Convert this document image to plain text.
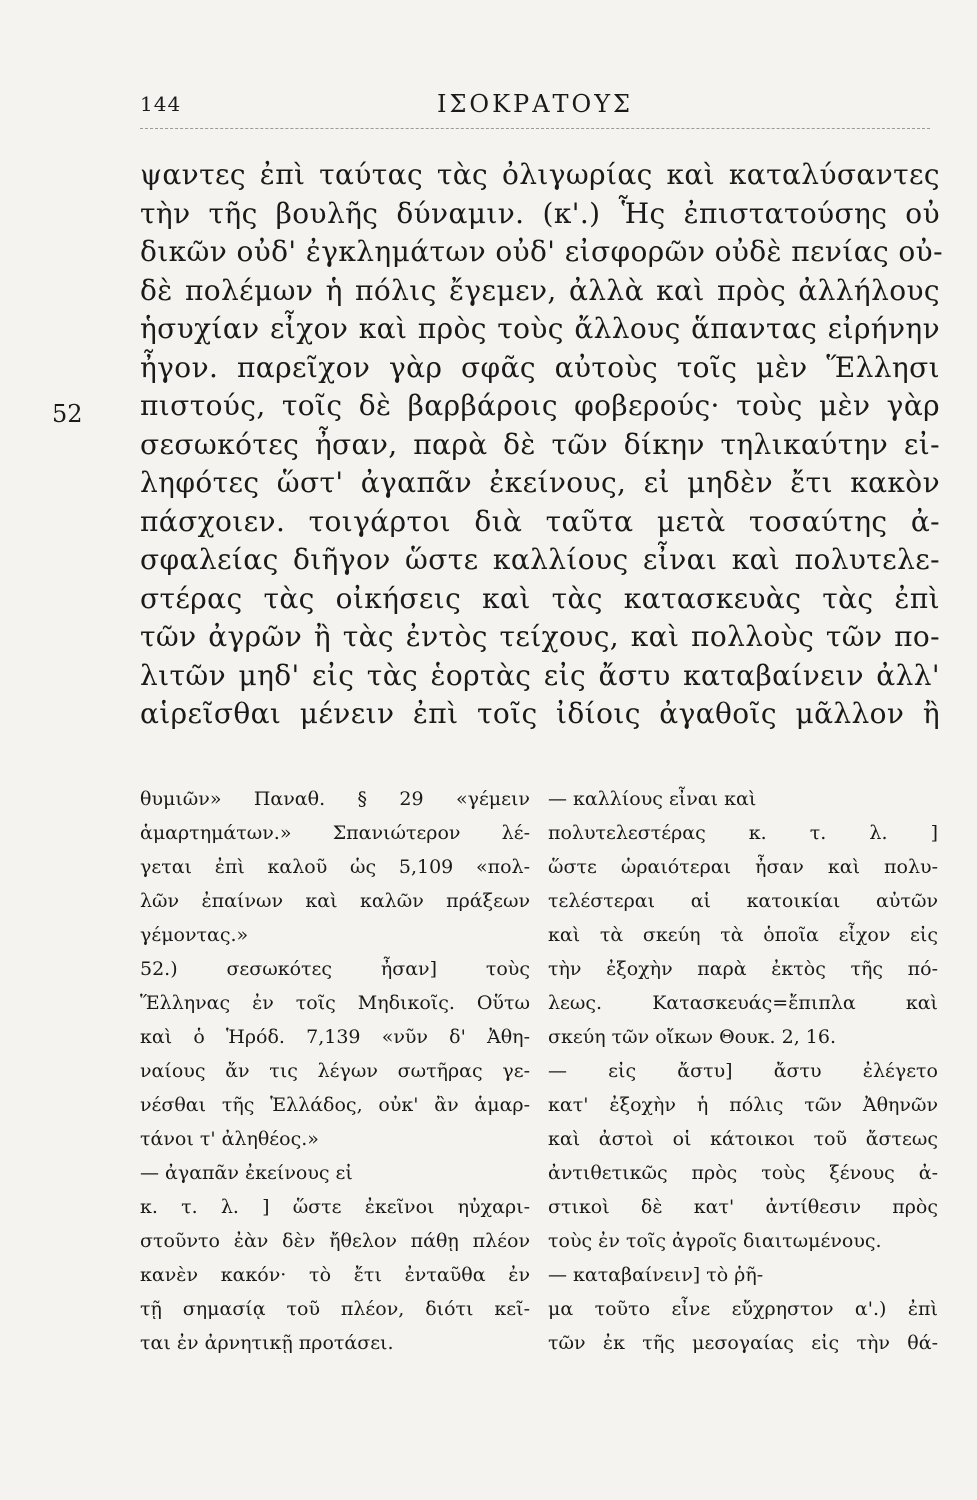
144	ΙΣΟΚΡΑΤΟΥΣ
52
ψαντες ἐπὶ ταύτας τὰς ὀλιγωρίας καὶ καταλύσαντες
τὴν τῆς βουλῆς δύναμιν. (κ'.) Ἧς ἐπιστατούσης οὐ
δικῶν οὐδ' ἐγκλημάτων οὐδ' εἰσφορῶν οὐδὲ πενίας οὐ-
δὲ πολέμων ἡ πόλις ἔγεμεν, ἀλλὰ καὶ πρὸς ἀλλήλους
ἡσυχίαν εἶχον καὶ πρὸς τοὺς ἄλλους ἅπαντας εἰρήνην
ἦγον. παρεῖχον γὰρ σφᾶς αὐτοὺς τοῖς μὲν Ἕλλησι
πιστούς, τοῖς δὲ βαρβάροις φοβερούς· τοὺς μὲν γὰρ
σεσωκότες ἦσαν, παρὰ δὲ τῶν δίκην τηλικαύτην εἰ-
ληφότες ὥστ' ἀγαπᾶν ἐκείνους, εἰ μηδὲν ἔτι κακὸν
πάσχοιεν. τοιγάρτοι διὰ ταῦτα μετὰ τοσαύτης ἀ-
σφαλείας διῆγον ὥστε καλλίους εἶναι καὶ πολυτελε-
στέρας τὰς οἰκήσεις καὶ τὰς κατασκευὰς τὰς ἐπὶ
τῶν ἀγρῶν ἢ τὰς ἐντὸς τείχους, καὶ πολλοὺς τῶν πο-
λιτῶν μηδ' εἰς τὰς ἑορτὰς εἰς ἄστυ καταβαίνειν ἀλλ'
αἱρεῖσθαι μένειν ἐπὶ τοῖς ἰδίοις ἀγαθοῖς μᾶλλον ἢ
θυμιῶν» Παναθ. § 29 «γέμειν
ἁμαρτημάτων.» Σπανιώτερον λέ-
γεται ἐπὶ καλοῦ ὡς 5,109 «πολ-
λῶν ἐπαίνων καὶ καλῶν πράξεων
γέμοντας.»
52.) σεσωκότες ἦσαν] τοὺς
Ἕλληνας ἐν τοῖς Μηδικοῖς. Οὕτω
καὶ ὁ Ἡρόδ. 7,139 «νῦν δ' Ἀθη-
ναίους ἄν τις λέγων σωτῆρας γε-
νέσθαι τῆς Ἑλλάδος, οὐκ' ἂν ἁμαρ-
τάνοι τ' ἀληθέος.»
— ἀγαπᾶν ἐκείνους εἰ
κ. τ. λ. ] ὥστε ἐκεῖνοι ηὐχαρι-
στοῦντο ἐὰν δὲν ἤθελον πάθῃ πλέον
κανὲν κακόν· τὸ ἔτι ἐνταῦθα ἐν
τῇ σημασίᾳ τοῦ πλέον, διότι κεῖ-
ται ἐν ἀρνητικῇ προτάσει.
— καλλίους εἶναι καὶ
πολυτελεστέρας κ. τ. λ. ]
ὥστε ὡραιότεραι ἦσαν καὶ πολυ-
τελέστεραι αἱ κατοικίαι αὐτῶν
καὶ τὰ σκεύη τὰ ὁποῖα εἶχον εἰς
τὴν ἐξοχὴν παρὰ ἐκτὸς τῆς πό-
λεως. Κατασκευάς=ἔπιπλα καὶ
σκεύη τῶν οἴκων Θουκ. 2, 16.
— εἰς ἄστυ] ἄστυ ἐλέγετο
κατ' ἐξοχὴν ἡ πόλις τῶν Ἀθηνῶν
καὶ ἀστοὶ οἱ κάτοικοι τοῦ ἄστεως
ἀντιθετικῶς πρὸς τοὺς ξένους ἀ-
στικοὶ δὲ κατ' ἀντίθεσιν πρὸς
τοὺς ἐν τοῖς ἀγροῖς διαιτωμένους.
— καταβαίνειν] τὸ ῥῆ-
μα τοῦτο εἶνε εὔχρηστον α'.) ἐπὶ
τῶν ἐκ τῆς μεσογαίας εἰς τὴν θά-
